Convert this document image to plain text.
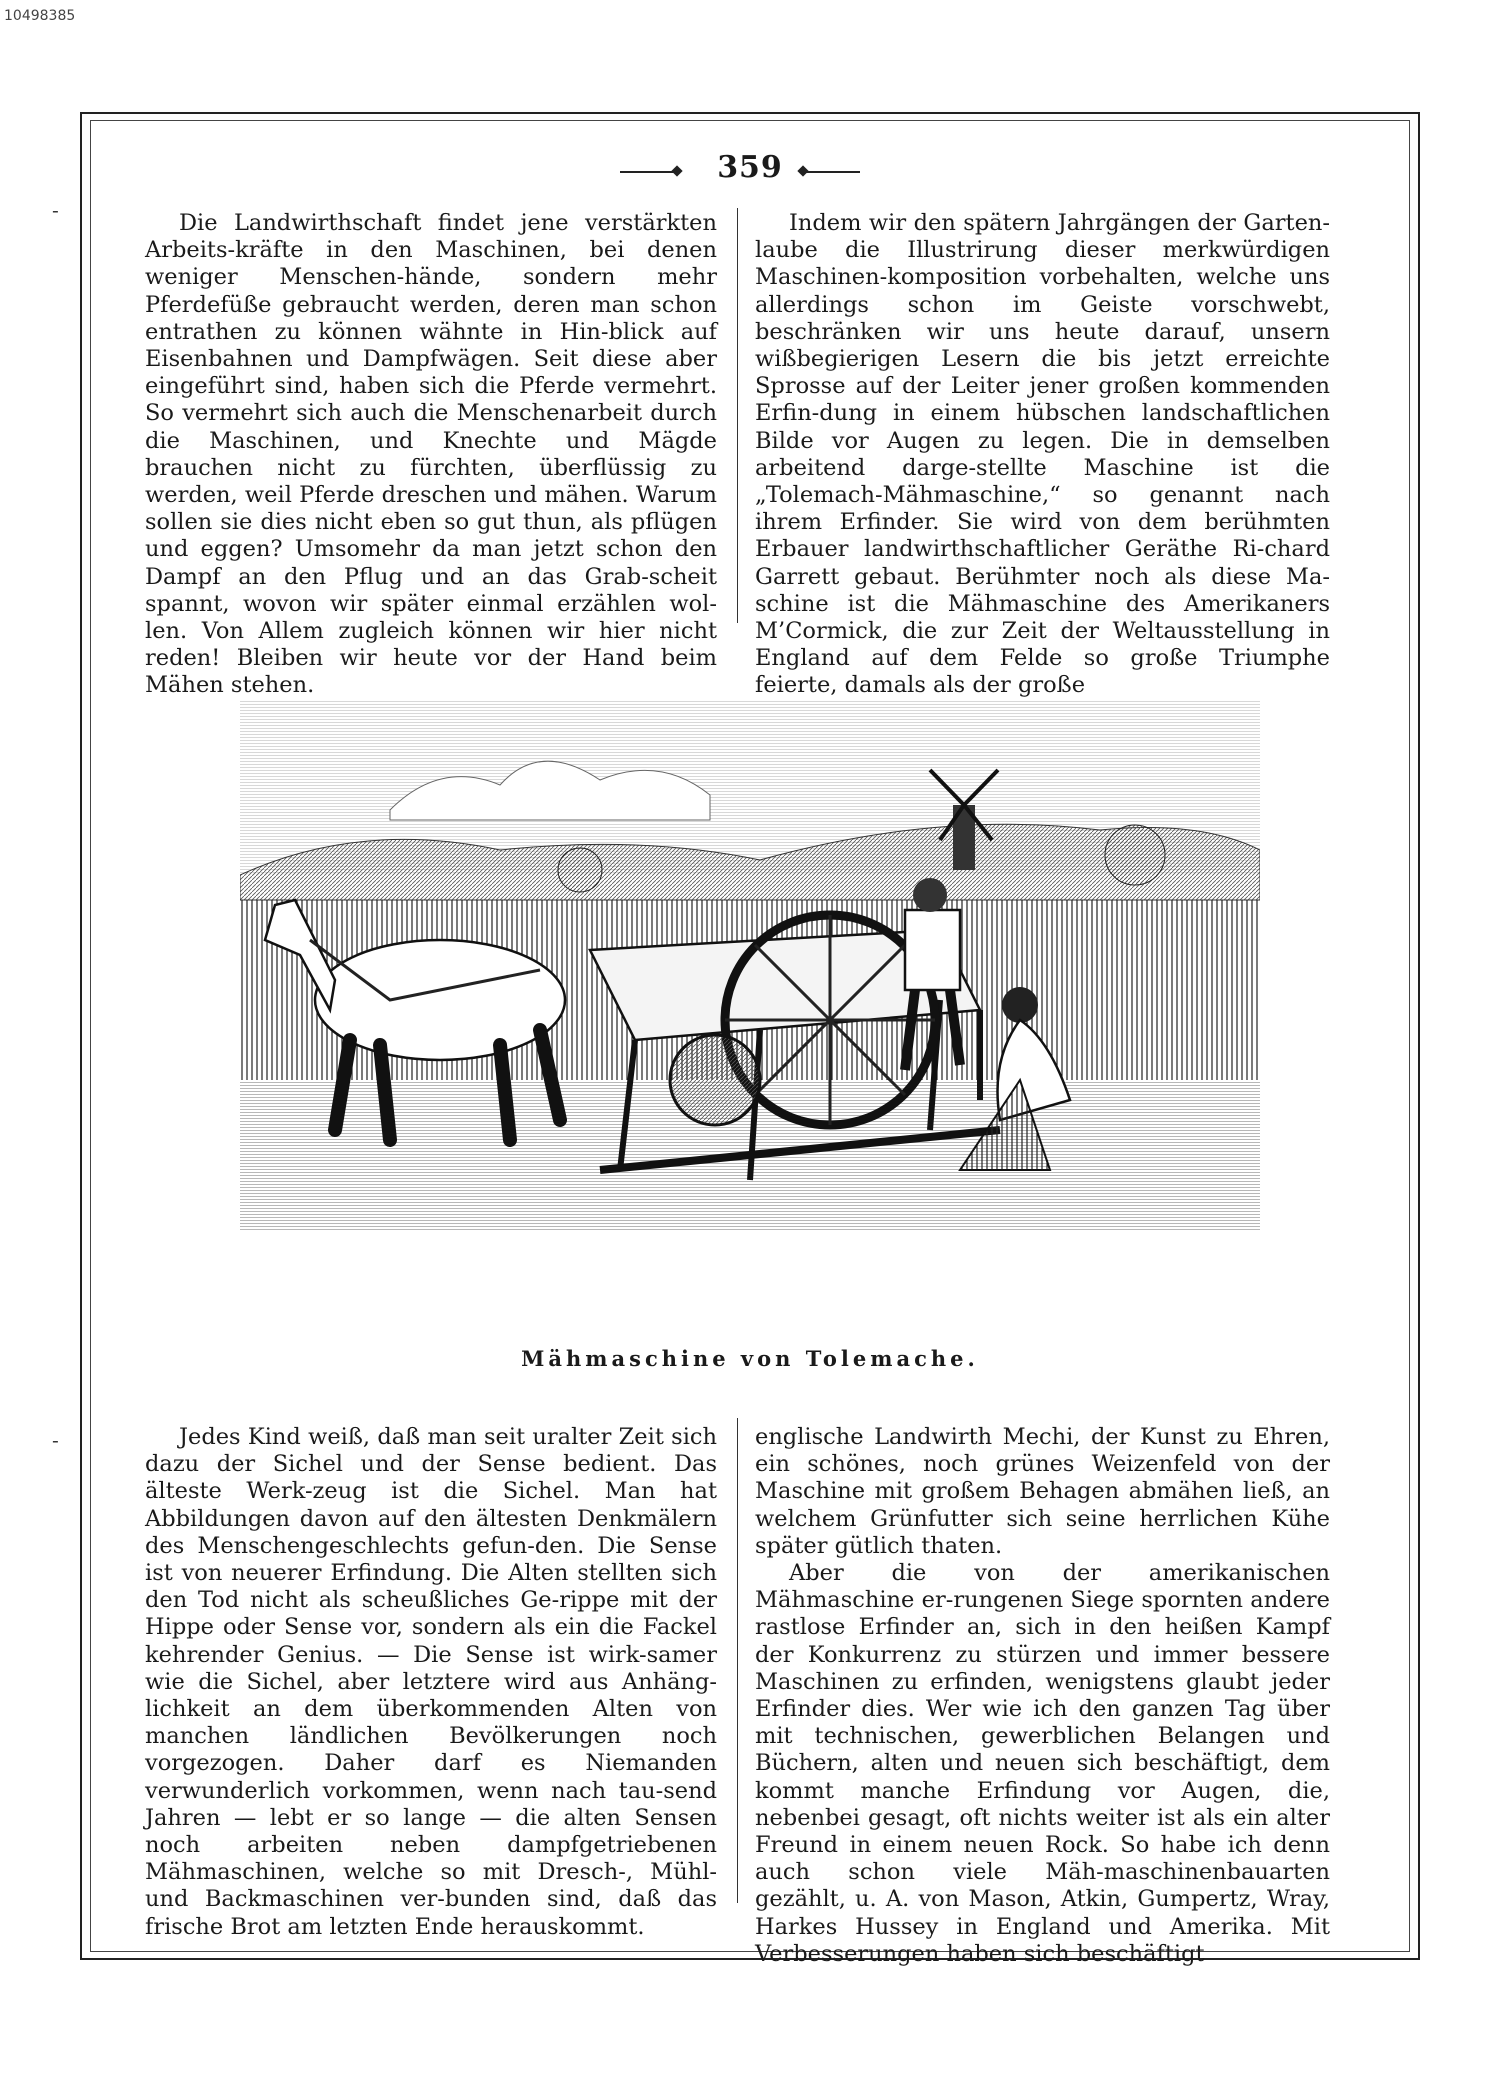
10498385
359
-
-

Die Landwirthschaft findet jene verstärkten Arbeits-kräfte in den Maschinen, bei denen weniger Menschen-hände, sondern mehr Pferdefüße gebraucht werden, deren man schon entrathen zu können wähnte in Hin-blick auf Eisenbahnen und Dampfwägen. Seit diese aber eingeführt sind, haben sich die Pferde vermehrt. So vermehrt sich auch die Menschenarbeit durch die Maschinen, und Knechte und Mägde brauchen nicht zu fürchten, überflüssig zu werden, weil Pferde dreschen und mähen. Warum sollen sie dies nicht eben so gut thun, als pflügen und eggen? Umsomehr da man jetzt schon den Dampf an den Pflug und an das Grab-scheit spannt, wovon wir später einmal erzählen wol-len. Von Allem zugleich können wir hier nicht reden! Bleiben wir heute vor der Hand beim Mähen stehen.

Indem wir den spätern Jahrgängen der Garten-laube die Illustrirung dieser merkwürdigen Maschinen-komposition vorbehalten, welche uns allerdings schon im Geiste vorschwebt, beschränken wir uns heute darauf, unsern wißbegierigen Lesern die bis jetzt erreichte Sprosse auf der Leiter jener großen kommenden Erfin-dung in einem hübschen landschaftlichen Bilde vor Augen zu legen. Die in demselben arbeitend darge-stellte Maschine ist die „Tolemach-Mähmaschine,“ so genannt nach ihrem Erfinder. Sie wird von dem berühmten Erbauer landwirthschaftlicher Geräthe Ri-chard Garrett gebaut. Berühmter noch als diese Ma-schine ist die Mähmaschine des Amerikaners M’Cormick, die zur Zeit der Weltausstellung in England auf dem Felde so große Triumphe feierte, damals als der große

Mähmaschine von Tolemache.

Jedes Kind weiß, daß man seit uralter Zeit sich dazu der Sichel und der Sense bedient. Das älteste Werk-zeug ist die Sichel. Man hat Abbildungen davon auf den ältesten Denkmälern des Menschengeschlechts gefun-den. Die Sense ist von neuerer Erfindung. Die Alten stellten sich den Tod nicht als scheußliches Ge-rippe mit der Hippe oder Sense vor, sondern als ein die Fackel kehrender Genius. — Die Sense ist wirk-samer wie die Sichel, aber letztere wird aus Anhäng-lichkeit an dem überkommenden Alten von manchen ländlichen Bevölkerungen noch vorgezogen. Daher darf es Niemanden verwunderlich vorkommen, wenn nach tau-send Jahren — lebt er so lange — die alten Sensen noch arbeiten neben dampfgetriebenen Mähmaschinen, welche so mit Dresch-, Mühl- und Backmaschinen ver-bunden sind, daß das frische Brot am letzten Ende herauskommt.

englische Landwirth Mechi, der Kunst zu Ehren, ein schönes, noch grünes Weizenfeld von der Maschine mit großem Behagen abmähen ließ, an welchem Grünfutter sich seine herrlichen Kühe später gütlich thaten.

Aber die von der amerikanischen Mähmaschine er-rungenen Siege spornten andere rastlose Erfinder an, sich in den heißen Kampf der Konkurrenz zu stürzen und immer bessere Maschinen zu erfinden, wenigstens glaubt jeder Erfinder dies. Wer wie ich den ganzen Tag über mit technischen, gewerblichen Belangen und Büchern, alten und neuen sich beschäftigt, dem kommt manche Erfindung vor Augen, die, nebenbei gesagt, oft nichts weiter ist als ein alter Freund in einem neuen Rock. So habe ich denn auch schon viele Mäh-maschinenbauarten gezählt, u. A. von Mason, Atkin, Gumpertz, Wray, Harkes Hussey in England und Amerika. Mit Verbesserungen haben sich beschäftigt
